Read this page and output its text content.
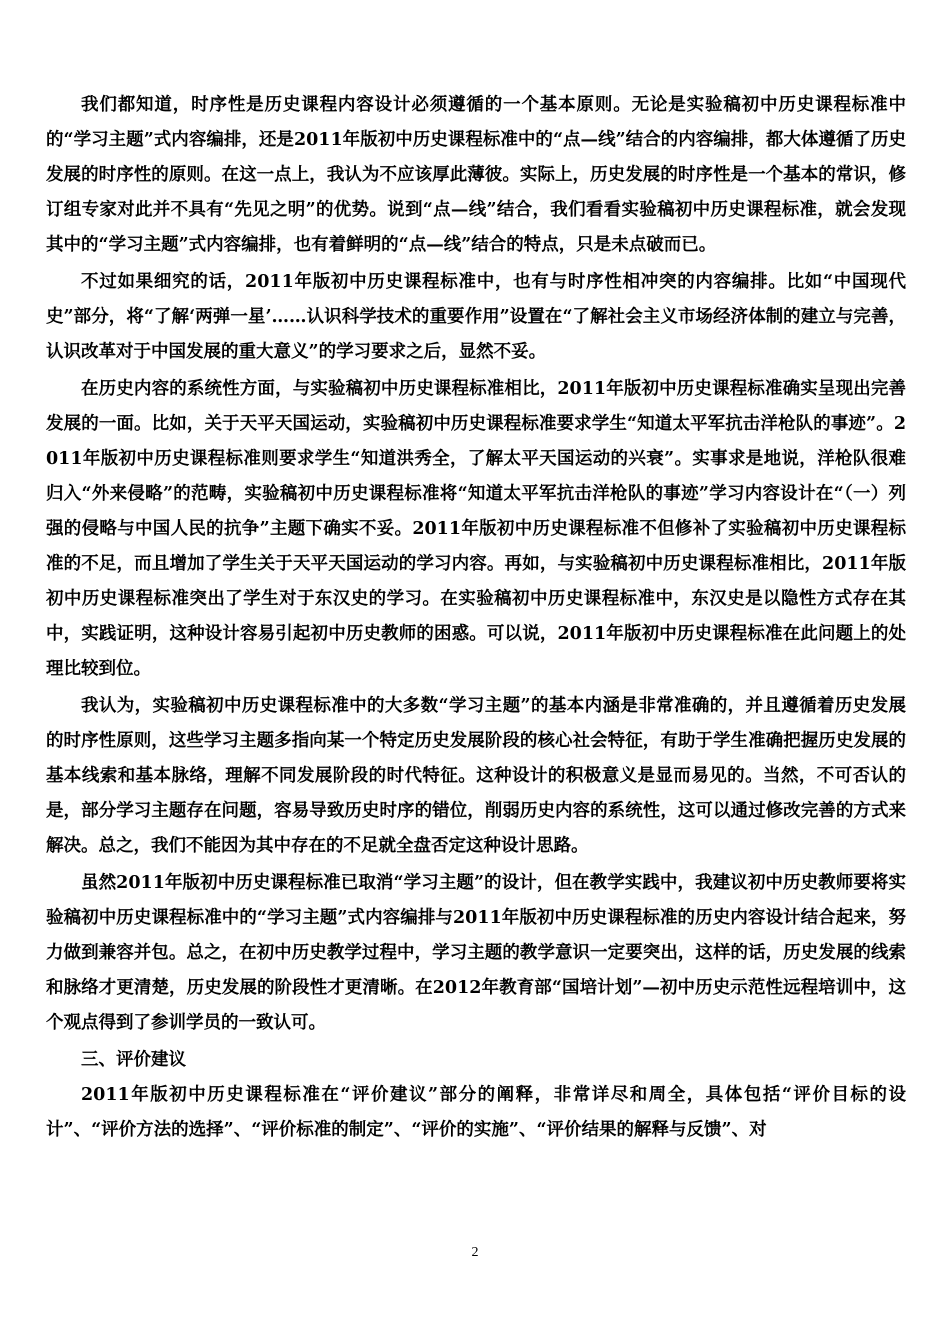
我们都知道，时序性是历史课程内容设计必须遵循的一个基本原则。无论是实验稿初中历史课程标准中的“学习主题”式内容编排，还是2011年版初中历史课程标准中的“点—线”结合的内容编排，都大体遵循了历史发展的时序性的原则。在这一点上，我认为不应该厚此薄彼。实际上，历史发展的时序性是一个基本的常识，修订组专家对此并不具有“先见之明”的优势。说到“点—线”结合，我们看看实验稿初中历史课程标准，就会发现其中的“学习主题”式内容编排，也有着鲜明的“点—线”结合的特点，只是未点破而已。

不过如果细究的话，2011年版初中历史课程标准中，也有与时序性相冲突的内容编排。比如“中国现代史”部分，将“了解‘两弹一星’……认识科学技术的重要作用”设置在“了解社会主义市场经济体制的建立与完善，认识改革对于中国发展的重大意义”的学习要求之后，显然不妥。

在历史内容的系统性方面，与实验稿初中历史课程标准相比，2011年版初中历史课程标准确实呈现出完善发展的一面。比如，关于天平天国运动，实验稿初中历史课程标准要求学生“知道太平军抗击洋枪队的事迹”。2011年版初中历史课程标准则要求学生“知道洪秀全，了解太平天国运动的兴衰”。实事求是地说，洋枪队很难归入“外来侵略”的范畴，实验稿初中历史课程标准将“知道太平军抗击洋枪队的事迹”学习内容设计在“（一）列强的侵略与中国人民的抗争”主题下确实不妥。2011年版初中历史课程标准不但修补了实验稿初中历史课程标准的不足，而且增加了学生关于天平天国运动的学习内容。再如，与实验稿初中历史课程标准相比，2011年版初中历史课程标准突出了学生对于东汉史的学习。在实验稿初中历史课程标准中，东汉史是以隐性方式存在其中，实践证明，这种设计容易引起初中历史教师的困惑。可以说，2011年版初中历史课程标准在此问题上的处理比较到位。

我认为，实验稿初中历史课程标准中的大多数“学习主题”的基本内涵是非常准确的，并且遵循着历史发展的时序性原则，这些学习主题多指向某一个特定历史发展阶段的核心社会特征，有助于学生准确把握历史发展的基本线索和基本脉络，理解不同发展阶段的时代特征。这种设计的积极意义是显而易见的。当然，不可否认的是，部分学习主题存在问题，容易导致历史时序的错位，削弱历史内容的系统性，这可以通过修改完善的方式来解决。总之，我们不能因为其中存在的不足就全盘否定这种设计思路。

虽然2011年版初中历史课程标准已取消“学习主题”的设计，但在教学实践中，我建议初中历史教师要将实验稿初中历史课程标准中的“学习主题”式内容编排与2011年版初中历史课程标准的历史内容设计结合起来，努力做到兼容并包。总之，在初中历史教学过程中，学习主题的教学意识一定要突出，这样的话，历史发展的线索和脉络才更清楚，历史发展的阶段性才更清晰。在2012年教育部“国培计划”—初中历史示范性远程培训中，这个观点得到了参训学员的一致认可。

三、评价建议

2011年版初中历史课程标准在“评价建议”部分的阐释，非常详尽和周全，具体包括“评价目标的设计”、“评价方法的选择”、“评价标准的制定”、“评价的实施”、“评价结果的解释与反馈”、对

2
